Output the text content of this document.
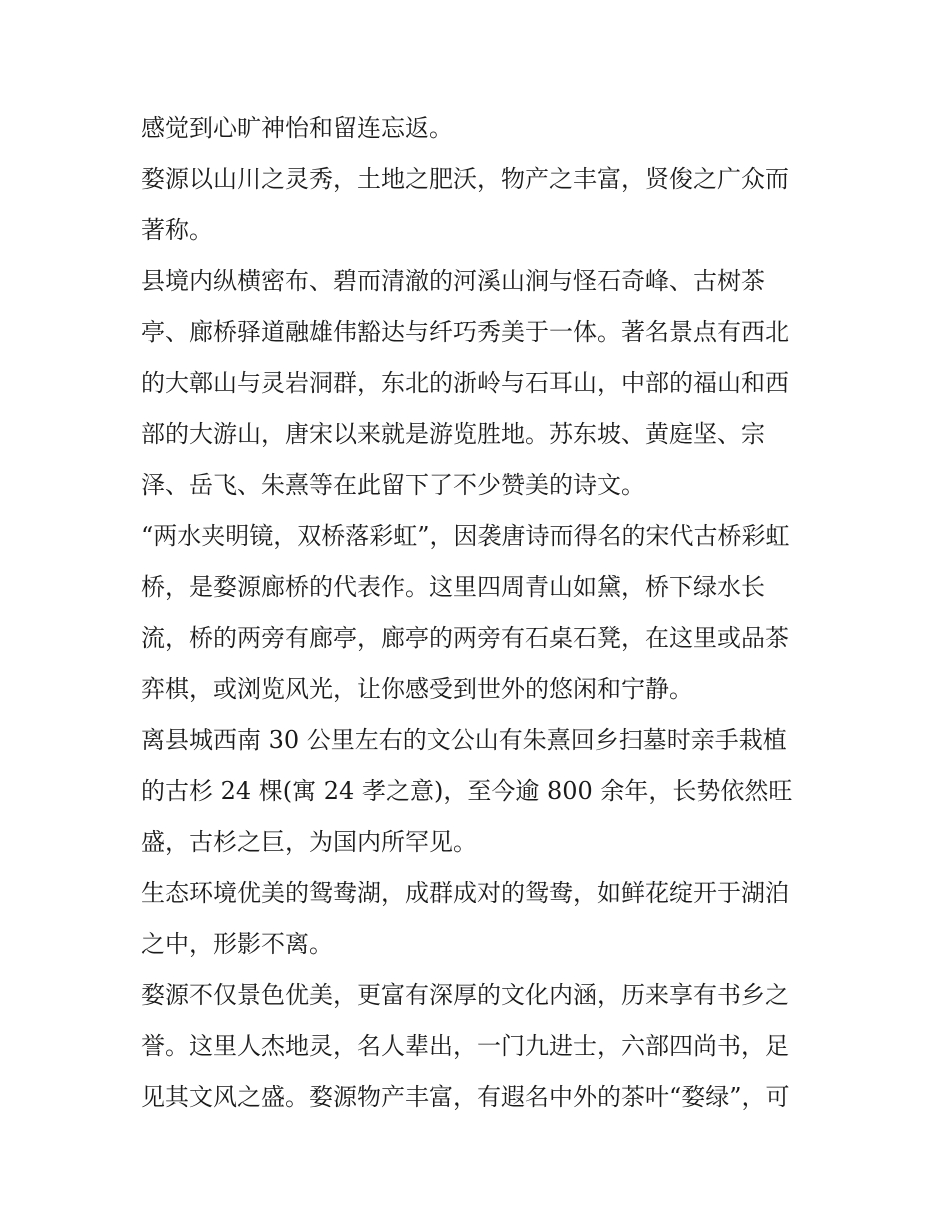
感觉到心旷神怡和留连忘返。

婺源以山川之灵秀，土地之肥沃，物产之丰富，贤俊之广众而
著称。

县境内纵横密布、碧而清澈的河溪山涧与怪石奇峰、古树茶
亭、廊桥驿道融雄伟豁达与纤巧秀美于一体。著名景点有西北
的大鄣山与灵岩洞群，东北的浙岭与石耳山，中部的福山和西
部的大游山，唐宋以来就是游览胜地。苏东坡、黄庭坚、宗
泽、岳飞、朱熹等在此留下了不少赞美的诗文。

“两水夹明镜，双桥落彩虹”，因袭唐诗而得名的宋代古桥彩虹
桥，是婺源廊桥的代表作。这里四周青山如黛，桥下绿水长
流，桥的两旁有廊亭，廊亭的两旁有石桌石凳，在这里或品茶
弈棋，或浏览风光，让你感受到世外的悠闲和宁静。

离县城西南 30 公里左右的文公山有朱熹回乡扫墓时亲手栽植
的古杉 24 棵(寓 24 孝之意)，至今逾 800 余年，长势依然旺
盛，古杉之巨，为国内所罕见。

生态环境优美的鸳鸯湖，成群成对的鸳鸯，如鲜花绽开于湖泊
之中，形影不离。

婺源不仅景色优美，更富有深厚的文化内涵，历来享有书乡之
誉。这里人杰地灵，名人辈出，一门九进士，六部四尚书，足
见其文风之盛。婺源物产丰富，有遐名中外的茶叶“婺绿”，可
